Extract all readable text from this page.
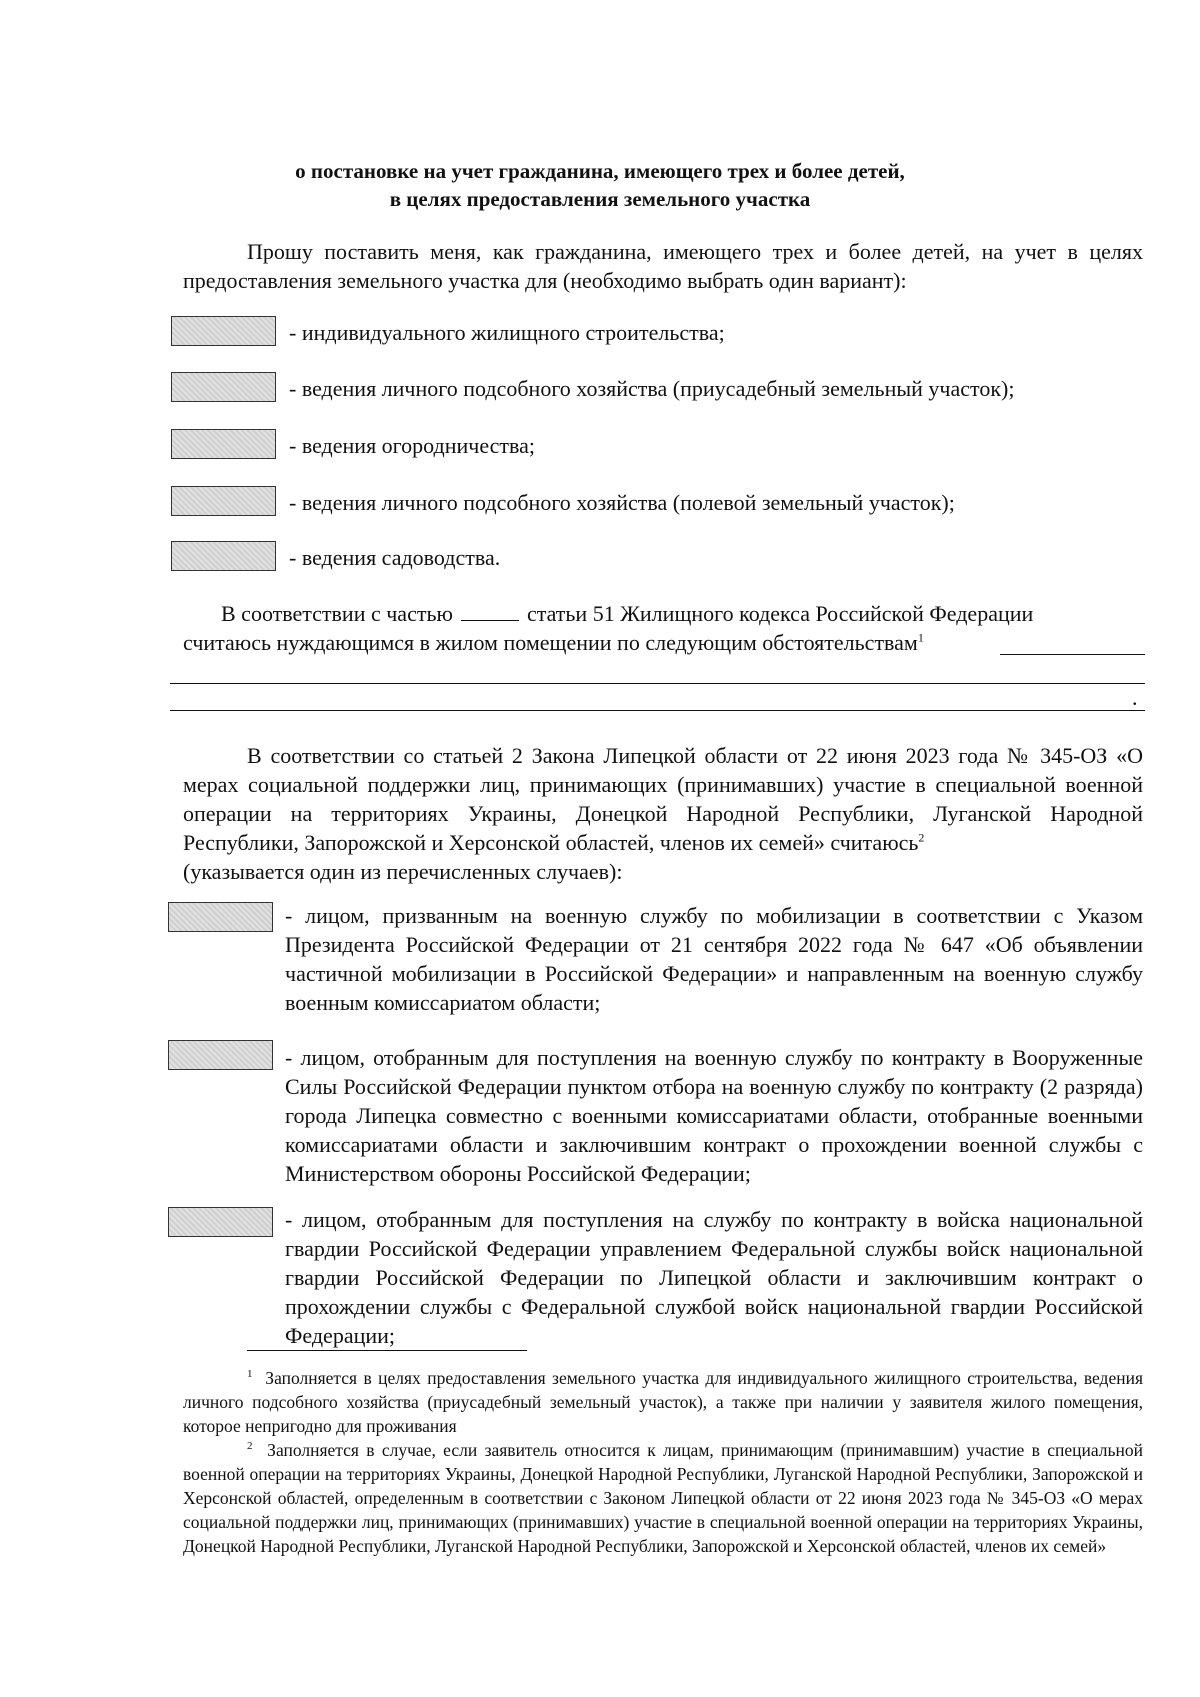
о постановке на учет гражданина, имеющего трех и более детей,
в целях предоставления земельного участка
Прошу поставить меня, как гражданина, имеющего трех и более детей, на учет в целях предоставления земельного участка для (необходимо выбрать один вариант):
- индивидуального жилищного строительства;
- ведения личного подсобного хозяйства (приусадебный земельный участок);
- ведения огородничества;
- ведения личного подсобного хозяйства (полевой земельный участок);
- ведения садоводства.
В соответствии с частью	статьи 51 Жилищного кодекса Российской Федерации
считаюсь нуждающимся в жилом помещении по следующим обстоятельствам$^1$
.
В соответствии со статьей 2 Закона Липецкой области от 22 июня 2023 года № 345-ОЗ «О мерах социальной поддержки лиц, принимающих (принимавших) участие в специальной военной операции на территориях Украины, Донецкой Народной Республики, Луганской Народной Республики, Запорожской и Херсонской областей, членов их семей» считаюсь$^2$
(указывается один из перечисленных случаев):
- лицом, призванным на военную службу по мобилизации в соответствии с Указом Президента Российской Федерации от 21 сентября 2022 года № 647 «Об объявлении частичной мобилизации в Российской Федерации» и направленным на военную службу военным комиссариатом области;
- лицом, отобранным для поступления на военную службу по контракту в Вооруженные Силы Российской Федерации пунктом отбора на военную службу по контракту (2 разряда) города Липецка совместно с военными комиссариатами области, отобранные военными комиссариатами области и заключившим контракт о прохождении военной службы с Министерством обороны Российской Федерации;
- лицом, отобранным для поступления на службу по контракту в войска национальной гвардии Российской Федерации управлением Федеральной службы войск национальной гвардии Российской Федерации по Липецкой области и заключившим контракт о прохождении службы с Федеральной службой войск национальной гвардии Российской Федерации;
$^1$ Заполняется в целях предоставления земельного участка для индивидуального жилищного строительства, ведения личного подсобного хозяйства (приусадебный земельный участок), а также при наличии у заявителя жилого помещения, которое непригодно для проживания
$^2$ Заполняется в случае, если заявитель относится к лицам, принимающим (принимавшим) участие в специальной военной операции на территориях Украины, Донецкой Народной Республики, Луганской Народной Республики, Запорожской и Херсонской областей, определенным в соответствии с Законом Липецкой области от 22 июня 2023 года № 345-ОЗ «О мерах социальной поддержки лиц, принимающих (принимавших) участие в специальной военной операции на территориях Украины, Донецкой Народной Республики, Луганской Народной Республики, Запорожской и Херсонской областей, членов их семей»
